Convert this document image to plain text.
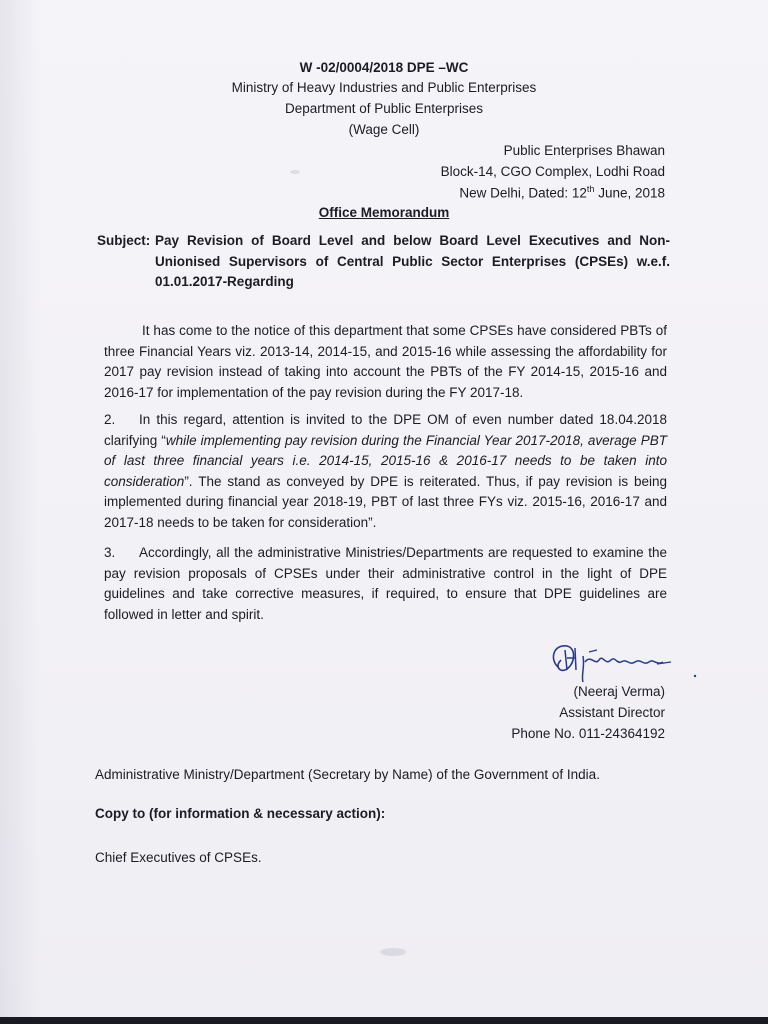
W -02/0004/2018 DPE –WC
Ministry of Heavy Industries and Public Enterprises
Department of Public Enterprises
(Wage Cell)
Public Enterprises Bhawan
Block-14, CGO Complex, Lodhi Road
New Delhi, Dated: 12th June, 2018
Office Memorandum
Subject: Pay Revision of Board Level and below Board Level Executives and Non-Unionised Supervisors of Central Public Sector Enterprises (CPSEs) w.e.f. 01.01.2017-Regarding
It has come to the notice of this department that some CPSEs have considered PBTs of three Financial Years viz. 2013-14, 2014-15, and 2015-16 while assessing the affordability for 2017 pay revision instead of taking into account the PBTs of the FY 2014-15, 2015-16 and 2016-17 for implementation of the pay revision during the FY 2017-18.
2. In this regard, attention is invited to the DPE OM of even number dated 18.04.2018 clarifying “while implementing pay revision during the Financial Year 2017-2018, average PBT of last three financial years i.e. 2014-15, 2015-16 & 2016-17 needs to be taken into consideration”. The stand as conveyed by DPE is reiterated. Thus, if pay revision is being implemented during financial year 2018-19, PBT of last three FYs viz. 2015-16, 2016-17 and 2017-18 needs to be taken for consideration”.
3. Accordingly, all the administrative Ministries/Departments are requested to examine the pay revision proposals of CPSEs under their administrative control in the light of DPE guidelines and take corrective measures, if required, to ensure that DPE guidelines are followed in letter and spirit.
(Neeraj Verma)
Assistant Director
Phone No. 011-24364192
Administrative Ministry/Department (Secretary by Name) of the Government of India.
Copy to (for information & necessary action):
Chief Executives of CPSEs.
